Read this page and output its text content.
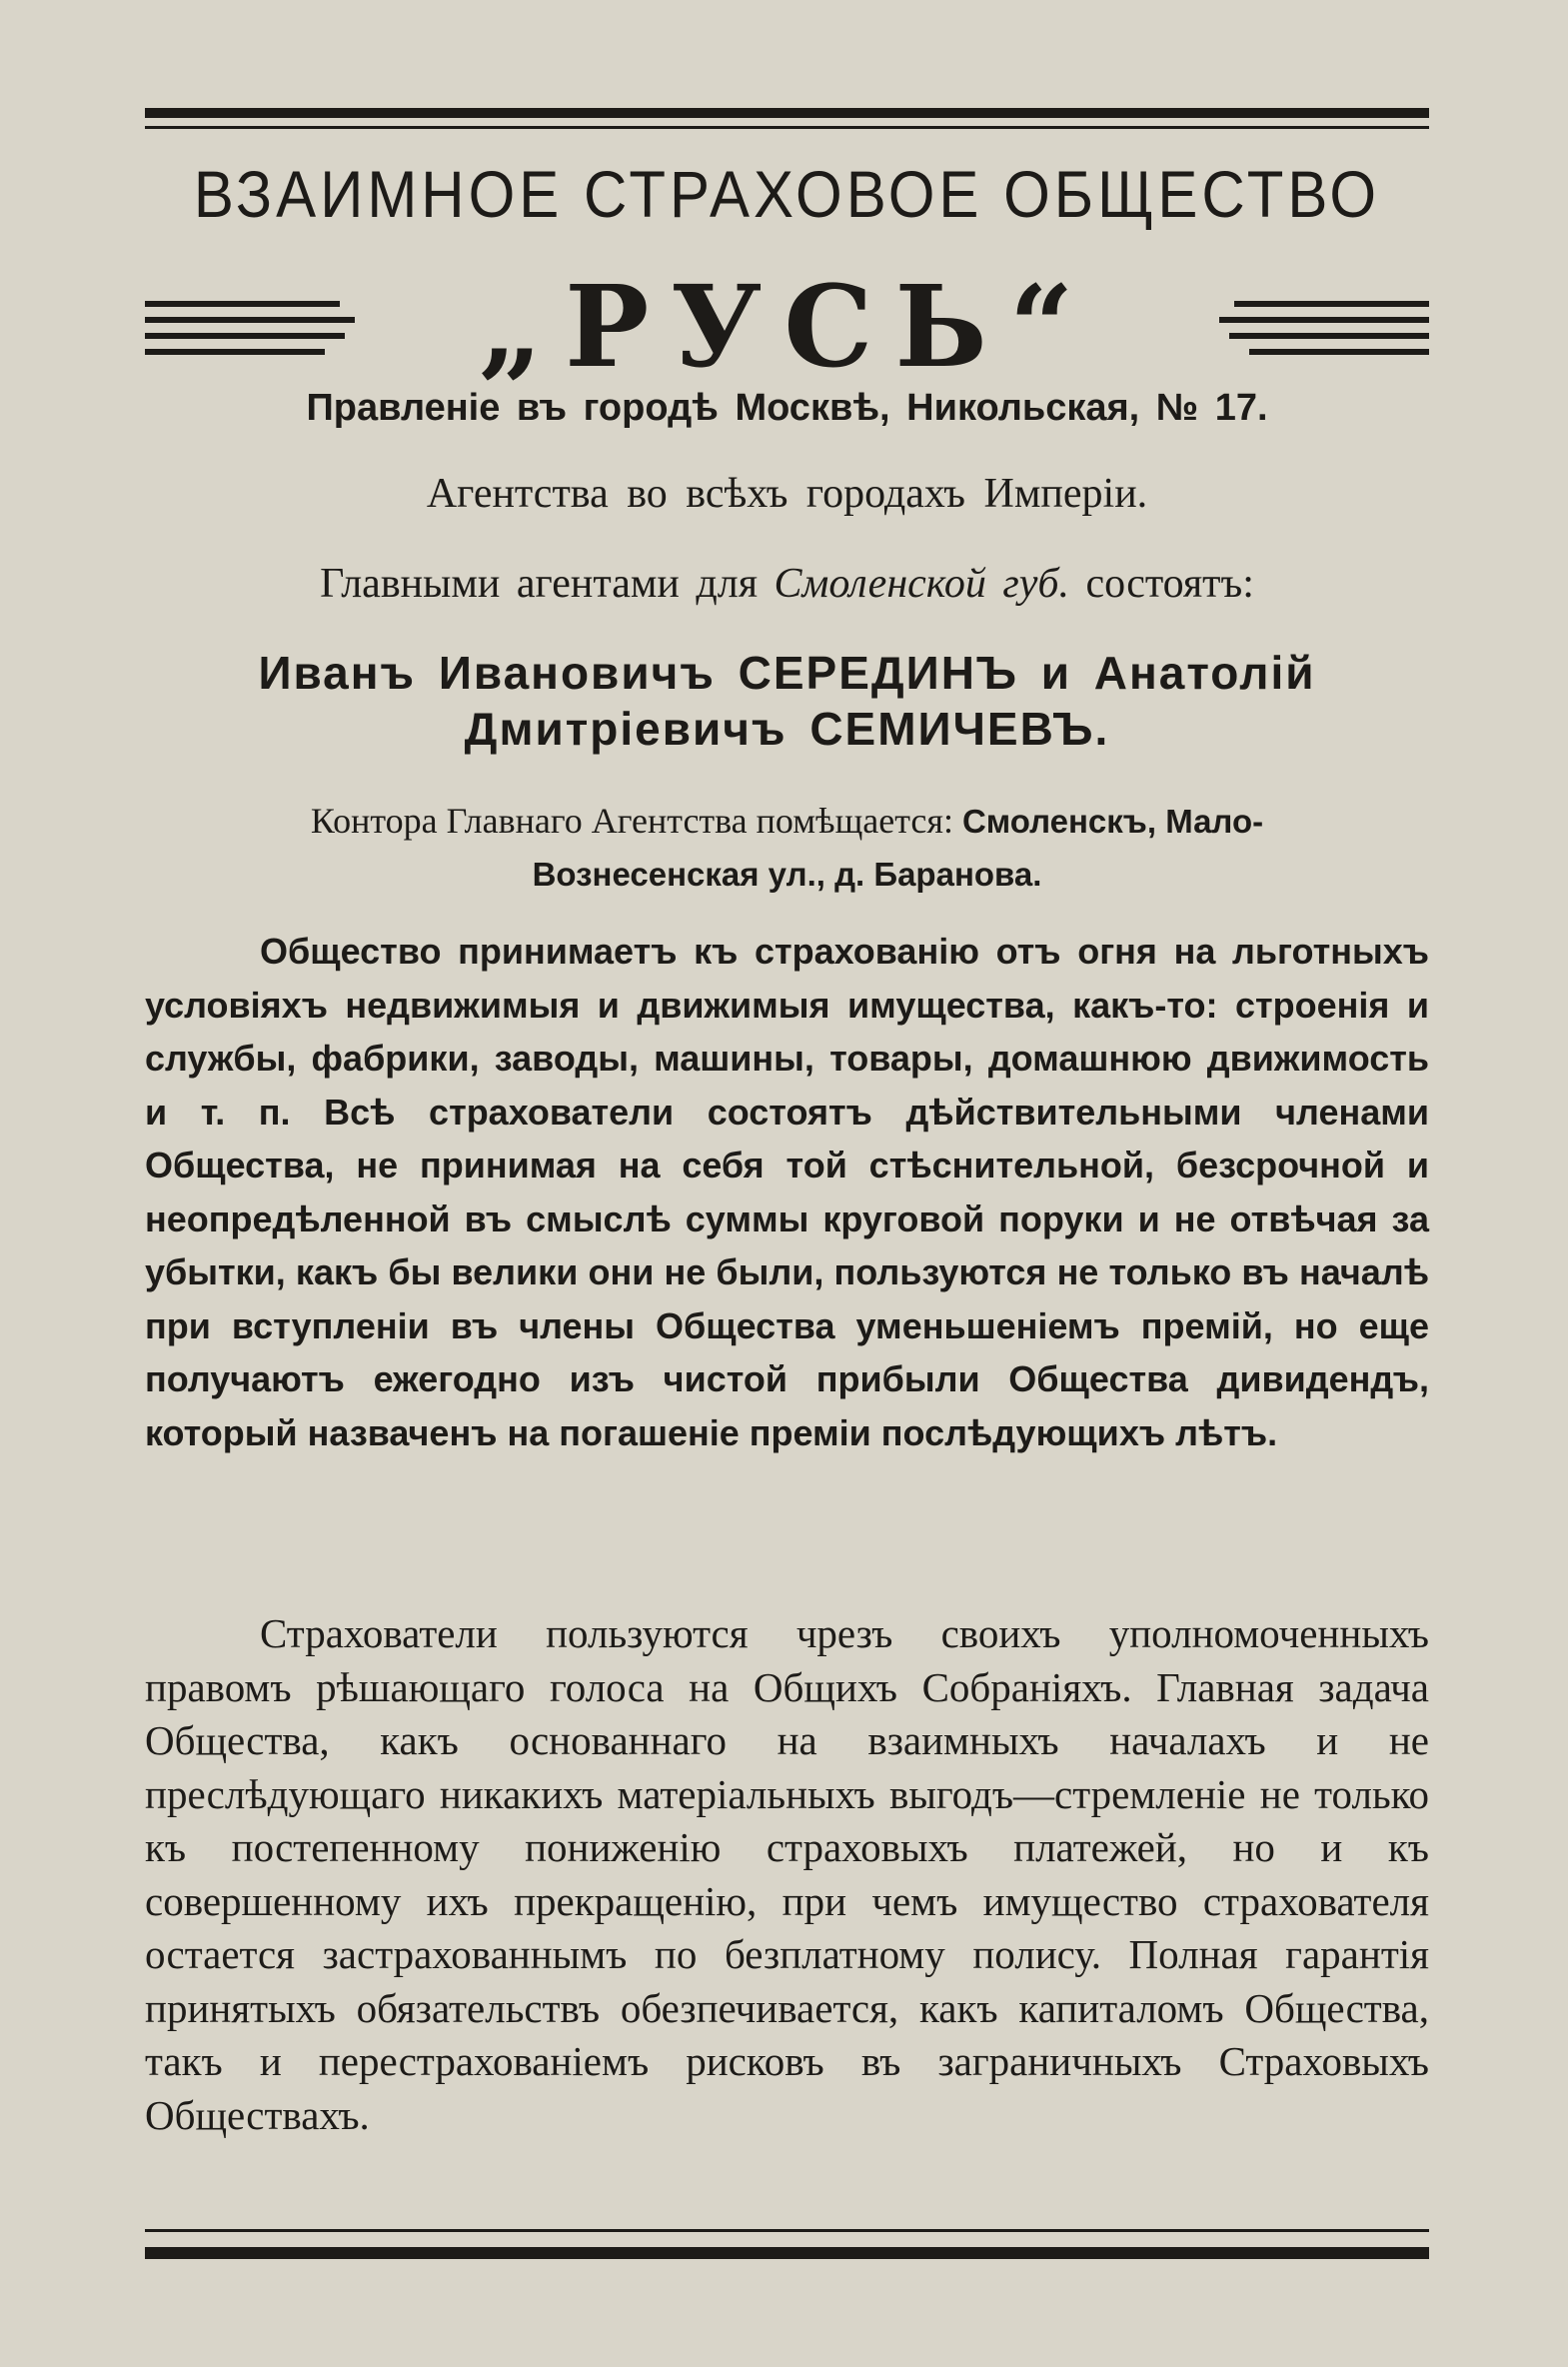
ВЗАИМНОЕ СТРАХОВОЕ ОБЩЕСТВО
„РУСЬ“
Правленіе въ городѣ Москвѣ, Никольская, № 17.
Агентства во всѣхъ городахъ Имперіи.
Главными агентами для Смоленской губ. состоятъ:
Иванъ Ивановичъ СЕРЕДИНЪ и Анатолій
Дмитріевичъ СЕМИЧЕВЪ.
Контора Главнаго Агентства помѣщается: Смоленскъ, Мало-
Вознесенская ул., д. Баранова.

Общество принимаетъ къ страхованію отъ огня на льготныхъ условіяхъ недвижимыя и движимыя имущества, какъ-то: строенія и службы, фабрики, заводы, машины, товары, домашнюю движимость и т. п. Всѣ страхователи состоятъ дѣйствительными членами Общества, не принимая на себя той стѣснительной, безсрочной и неопредѣленной въ смыслѣ суммы круговой поруки и не отвѣчая за убытки, какъ бы велики они не были, пользуются не только въ началѣ при вступленіи въ члены Общества уменьшеніемъ премій, но еще получаютъ ежегодно изъ чистой прибыли Общества дивидендъ, который назваченъ на погашеніе преміи послѣдующихъ лѣтъ.

Страхователи пользуются чрезъ своихъ уполномоченныхъ правомъ рѣшающаго голоса на Общихъ Собраніяхъ. Главная задача Общества, какъ основаннаго на взаимныхъ началахъ и не преслѣдующаго никакихъ матеріальныхъ выгодъ—стремленіе не только къ постепенному пониженію страховыхъ платежей, но и къ совершенному ихъ прекращенію, при чемъ имущество страхователя остается застрахованнымъ по безплатному полису. Полная гарантія принятыхъ обязательствъ обезпечивается, какъ капиталомъ Общества, такъ и перестрахованіемъ рисковъ въ заграничныхъ Страховыхъ Обществахъ.
